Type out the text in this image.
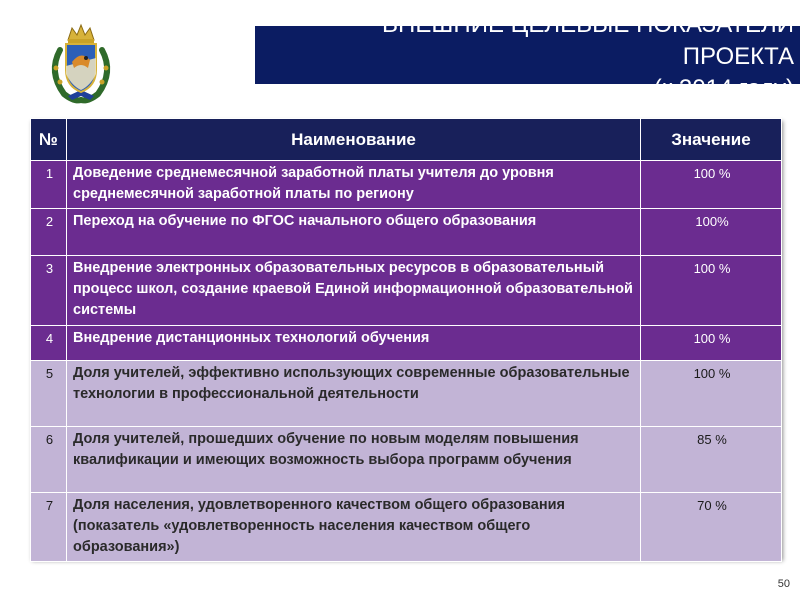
ВНЕШНИЕ ЦЕЛЕВЫЕ ПОКАЗАТЕЛИ
ПРОЕКТА
(к 2014 году)
№	Наименование	Значение
1	Доведение среднемесячной заработной платы учителя до уровня среднемесячной заработной платы по региону	100 %
2	Переход на обучение по ФГОС начального общего образования	100%
3	Внедрение электронных образовательных ресурсов в образовательный процесс школ, создание краевой Единой информационной образовательной системы	100 %
4	Внедрение дистанционных технологий обучения	100 %
5	Доля учителей, эффективно использующих современные образовательные технологии в профессиональной деятельности	100 %
6	Доля учителей, прошедших обучение по новым моделям повышения квалификации и имеющих возможность выбора программ обучения	85 %
7	Доля населения, удовлетворенного качеством общего образования (показатель «удовлетворенность населения качеством общего образования»)	70 %
50
